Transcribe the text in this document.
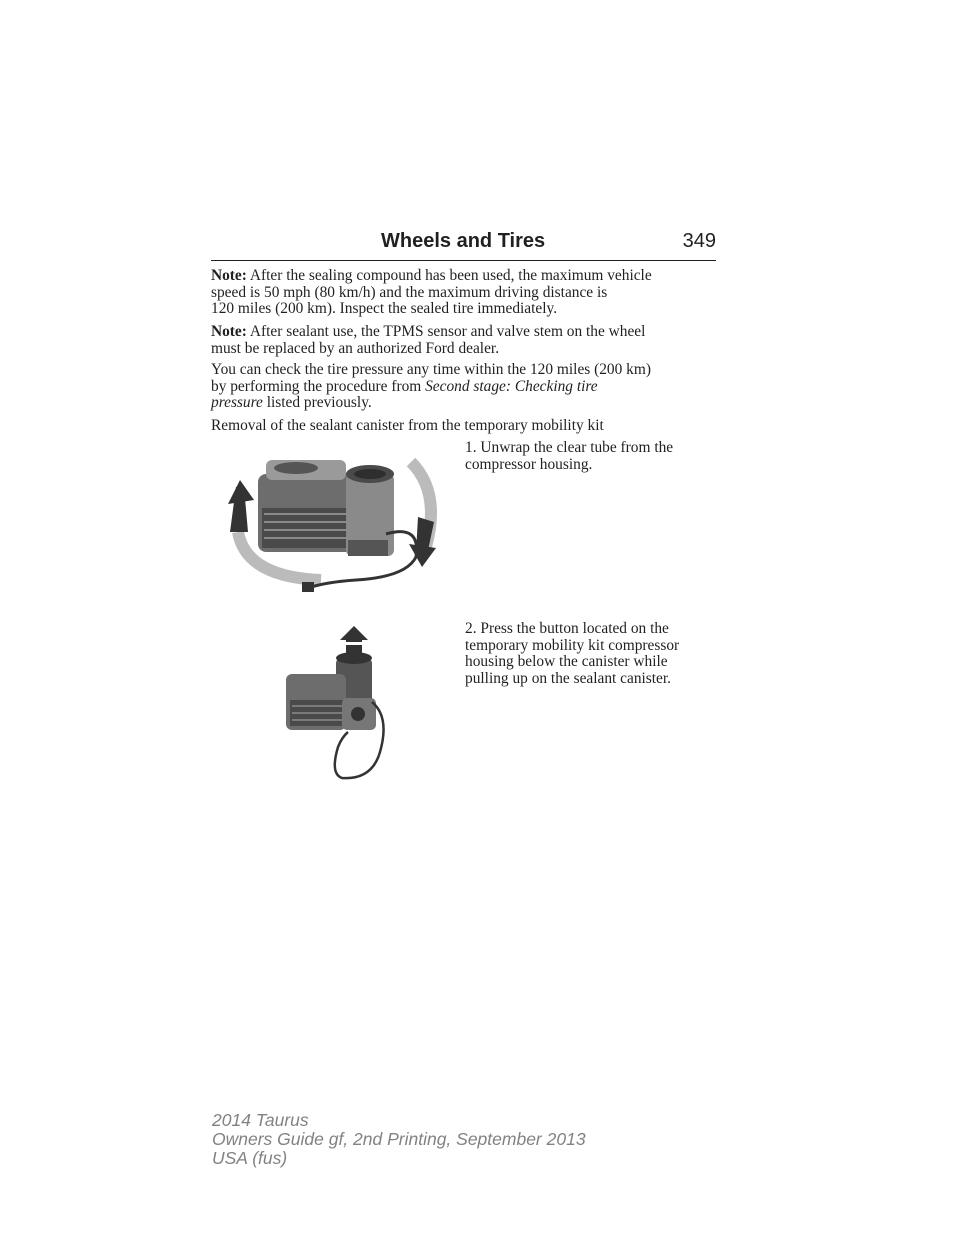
Wheels and Tires	349

Note: After the sealing compound has been used, the maximum vehicle

speed is 50 mph (80 km/h) and the maximum driving distance is

120 miles (200 km). Inspect the sealed tire immediately.

Note: After sealant use, the TPMS sensor and valve stem on the wheel

must be replaced by an authorized Ford dealer.

You can check the tire pressure any time within the 120 miles (200 km)

by performing the procedure from Second stage: Checking tire

pressure listed previously.

Removal of the sealant canister from the temporary mobility kit

1. Unwrap the clear tube from the
compressor housing.

2. Press the button located on the
temporary mobility kit compressor
housing below the canister while
pulling up on the sealant canister.

2014 Taurus
Owners Guide gf, 2nd Printing, September 2013
USA (fus)
